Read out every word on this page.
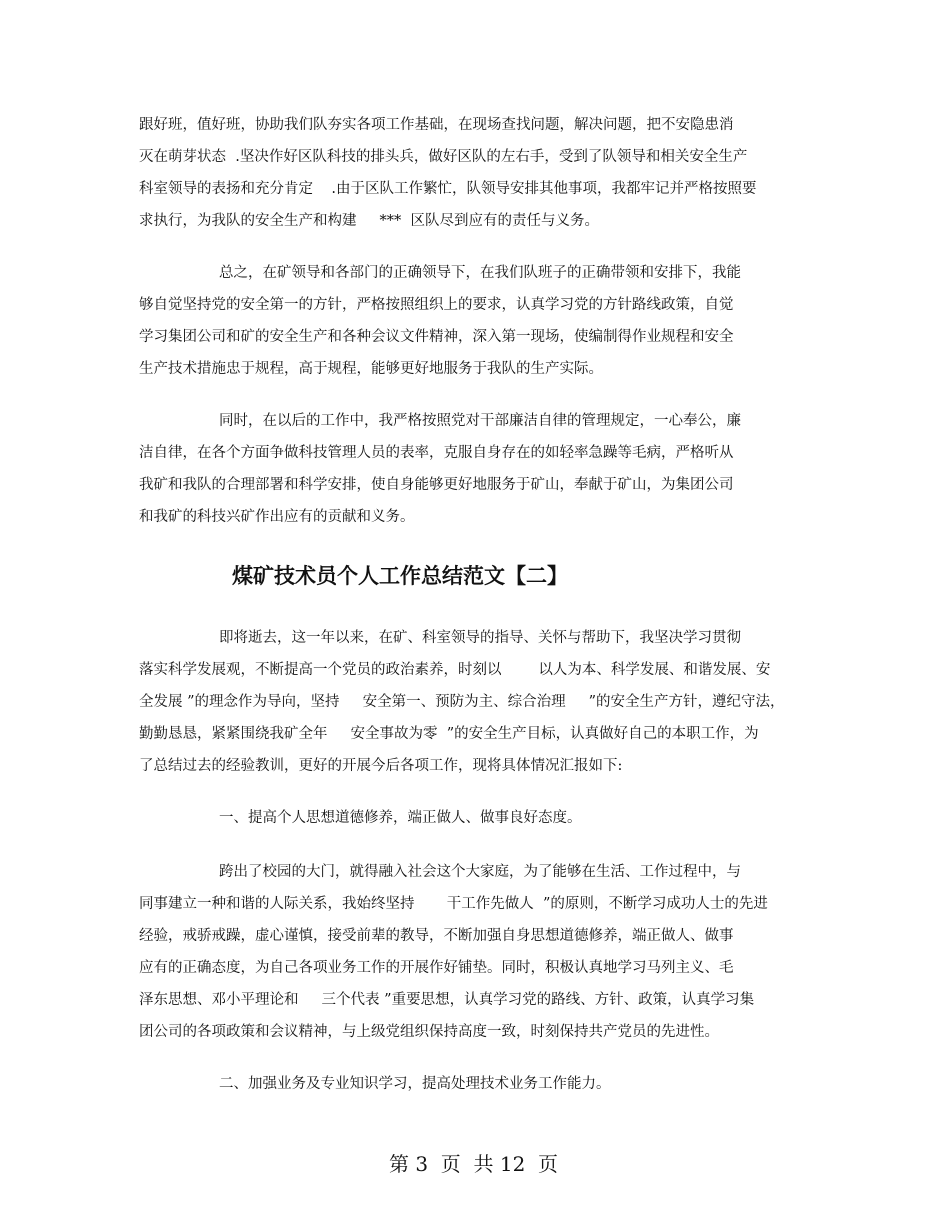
跟好班，值好班，协助我们队夯实各项工作基础，在现场查找问题，解决问题，把不安隐患消

灭在萌芽状态  .坚决作好区队科技的排头兵，做好区队的左右手，受到了队领导和相关安全生产

科室领导的表扬和充分肯定    .由于区队工作繁忙，队领导安排其他事项，我都牢记并严格按照要

求执行，为我队的安全生产和构建     ***  区队尽到应有的责任与义务。

总之，在矿领导和各部门的正确领导下，在我们队班子的正确带领和安排下，我能

够自觉坚持党的安全第一的方针，严格按照组织上的要求，认真学习党的方针路线政策，自觉

学习集团公司和矿的安全生产和各种会议文件精神，深入第一现场，使编制得作业规程和安全

生产技术措施忠于规程，高于规程，能够更好地服务于我队的生产实际。

同时，在以后的工作中，我严格按照党对干部廉洁自律的管理规定，一心奉公，廉

洁自律，在各个方面争做科技管理人员的表率，克服自身存在的如轻率急躁等毛病，严格听从

我矿和我队的合理部署和科学安排，使自身能够更好地服务于矿山，奉献于矿山，为集团公司

和我矿的科技兴矿作出应有的贡献和义务。

煤矿技术员个人工作总结范文【二】

即将逝去，这一年以来，在矿、科室领导的指导、关怀与帮助下，我坚决学习贯彻

落实科学发展观，不断提高一个党员的政治素养，时刻以        以人为本、科学发展、和谐发展、安

全发展 ”的理念作为导向，坚持     安全第一、预防为主、综合治理     ”的安全生产方针，遵纪守法，

勤勤恳恳，紧紧围绕我矿全年     安全事故为零  ”的安全生产目标，认真做好自己的本职工作，为

了总结过去的经验教训，更好的开展今后各项工作，现将具体情况汇报如下:

一、提高个人思想道德修养，端正做人、做事良好态度。

跨出了校园的大门，就得融入社会这个大家庭，为了能够在生活、工作过程中，与

同事建立一种和谐的人际关系，我始终坚持       干工作先做人  ”的原则，不断学习成功人士的先进

经验，戒骄戒躁，虚心谨慎，接受前辈的教导，不断加强自身思想道德修养，端正做人、做事

应有的正确态度，为自己各项业务工作的开展作好铺垫。同时，积极认真地学习马列主义、毛

泽东思想、邓小平理论和     三个代表 ”重要思想，认真学习党的路线、方针、政策，认真学习集

团公司的各项政策和会议精神，与上级党组织保持高度一致，时刻保持共产党员的先进性。

二、加强业务及专业知识学习，提高处理技术业务工作能力。

第 3  页  共 12  页
